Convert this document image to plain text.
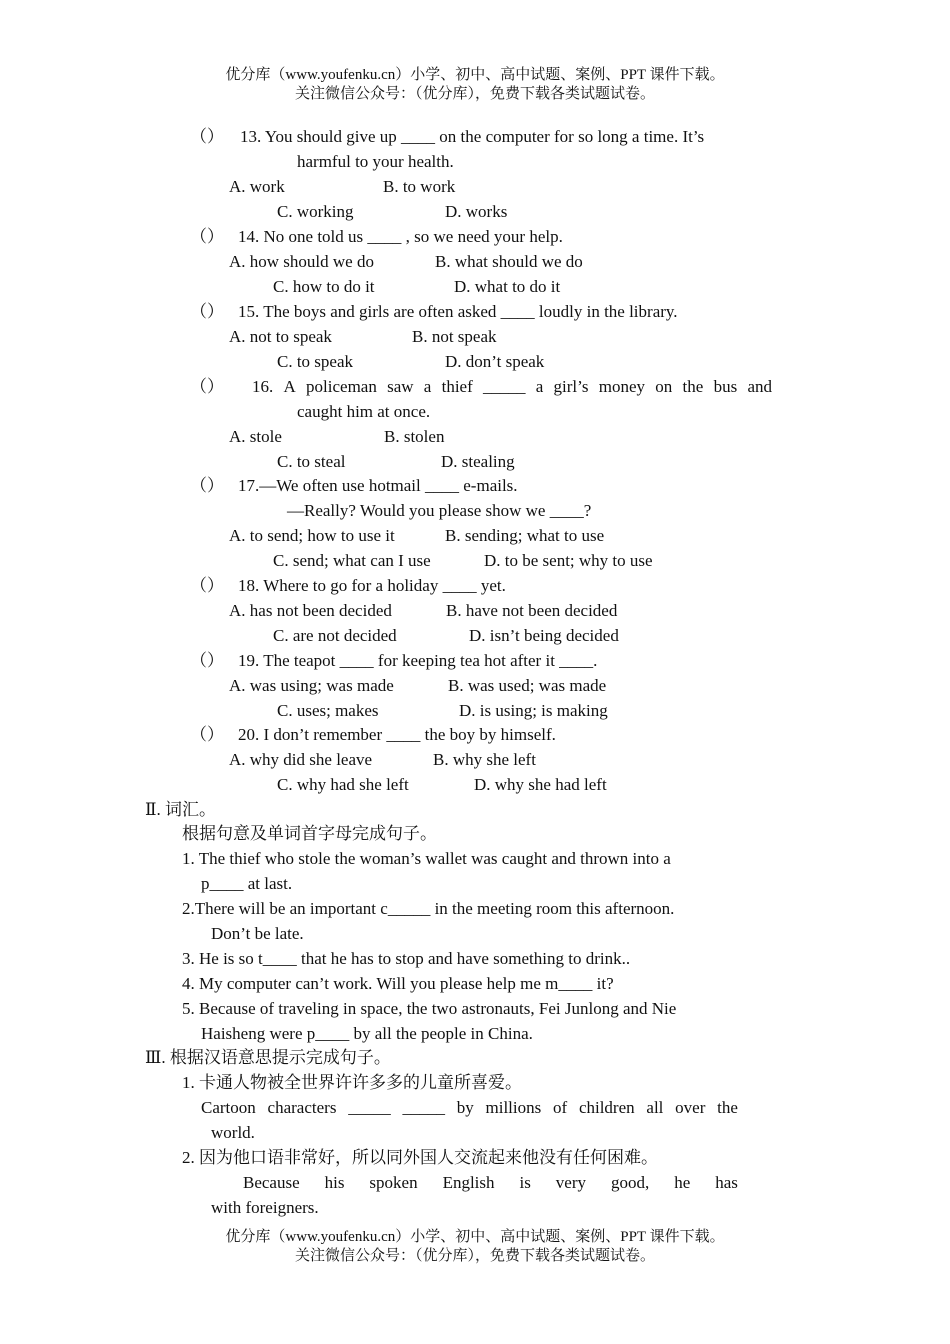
优分库（www.youfenku.cn）小学、初中、高中试题、案例、PPT 课件下载。
关注微信公众号：（优分库），免费下载各类试题试卷。
（） 13. You should give up ____ on the computer for so long a time. It’s
harmful to your health.
A. work	B. to work
C. working	D. works
（） 14. No one told us ____ , so we need your help.
A. how should we do	B. what should we do
C. how to do it	D. what to do it
（） 15. The boys and girls are often asked ____ loudly in the library.
A. not to speak	B. not speak
C. to speak	D. don’t speak
（）	16. A policeman saw a thief _____ a girl’s money on the bus and
caught him at once.
A. stole	B. stolen
C. to steal	D. stealing
（） 17.—We often use hotmail ____ e-mails.
—Really? Would you please show we ____?
A. to send; how to use it	B. sending; what to use
C. send; what can I use	D. to be sent; why to use
（） 18. Where to go for a holiday ____ yet.
A. has not been decided	B. have not been decided
C. are not decided	D. isn’t being decided
（） 19. The teapot ____ for keeping tea hot after it ____.
A. was using; was made	B. was used; was made
C. uses; makes	D. is using; is making
（） 20. I don’t remember ____ the boy by himself.
A. why did she leave	B. why she left
C. why had she left	D. why she had left
Ⅱ. 词汇。
根据句意及单词首字母完成句子。
1. The thief who stole the woman’s wallet was caught and thrown into a
p____ at last.
2.There will be an important c_____ in the meeting room this afternoon.
Don’t be late.
3. He is so t____ that he has to stop and have something to drink..
4. My computer can’t work. Will you please help me m____ it?
5. Because of traveling in space, the two astronauts, Fei Junlong and Nie
Haisheng were p____ by all the people in China.
Ⅲ. 根据汉语意思提示完成句子。
1. 卡通人物被全世界许许多多的儿童所喜爱。
Cartoon characters _____ _____ by millions of children all over the
world.
2. 因为他口语非常好，所以同外国人交流起来他没有任何困难。
Because his spoken English is very good, he has
with foreigners.
优分库（www.youfenku.cn）小学、初中、高中试题、案例、PPT 课件下载。
关注微信公众号：（优分库），免费下载各类试题试卷。
